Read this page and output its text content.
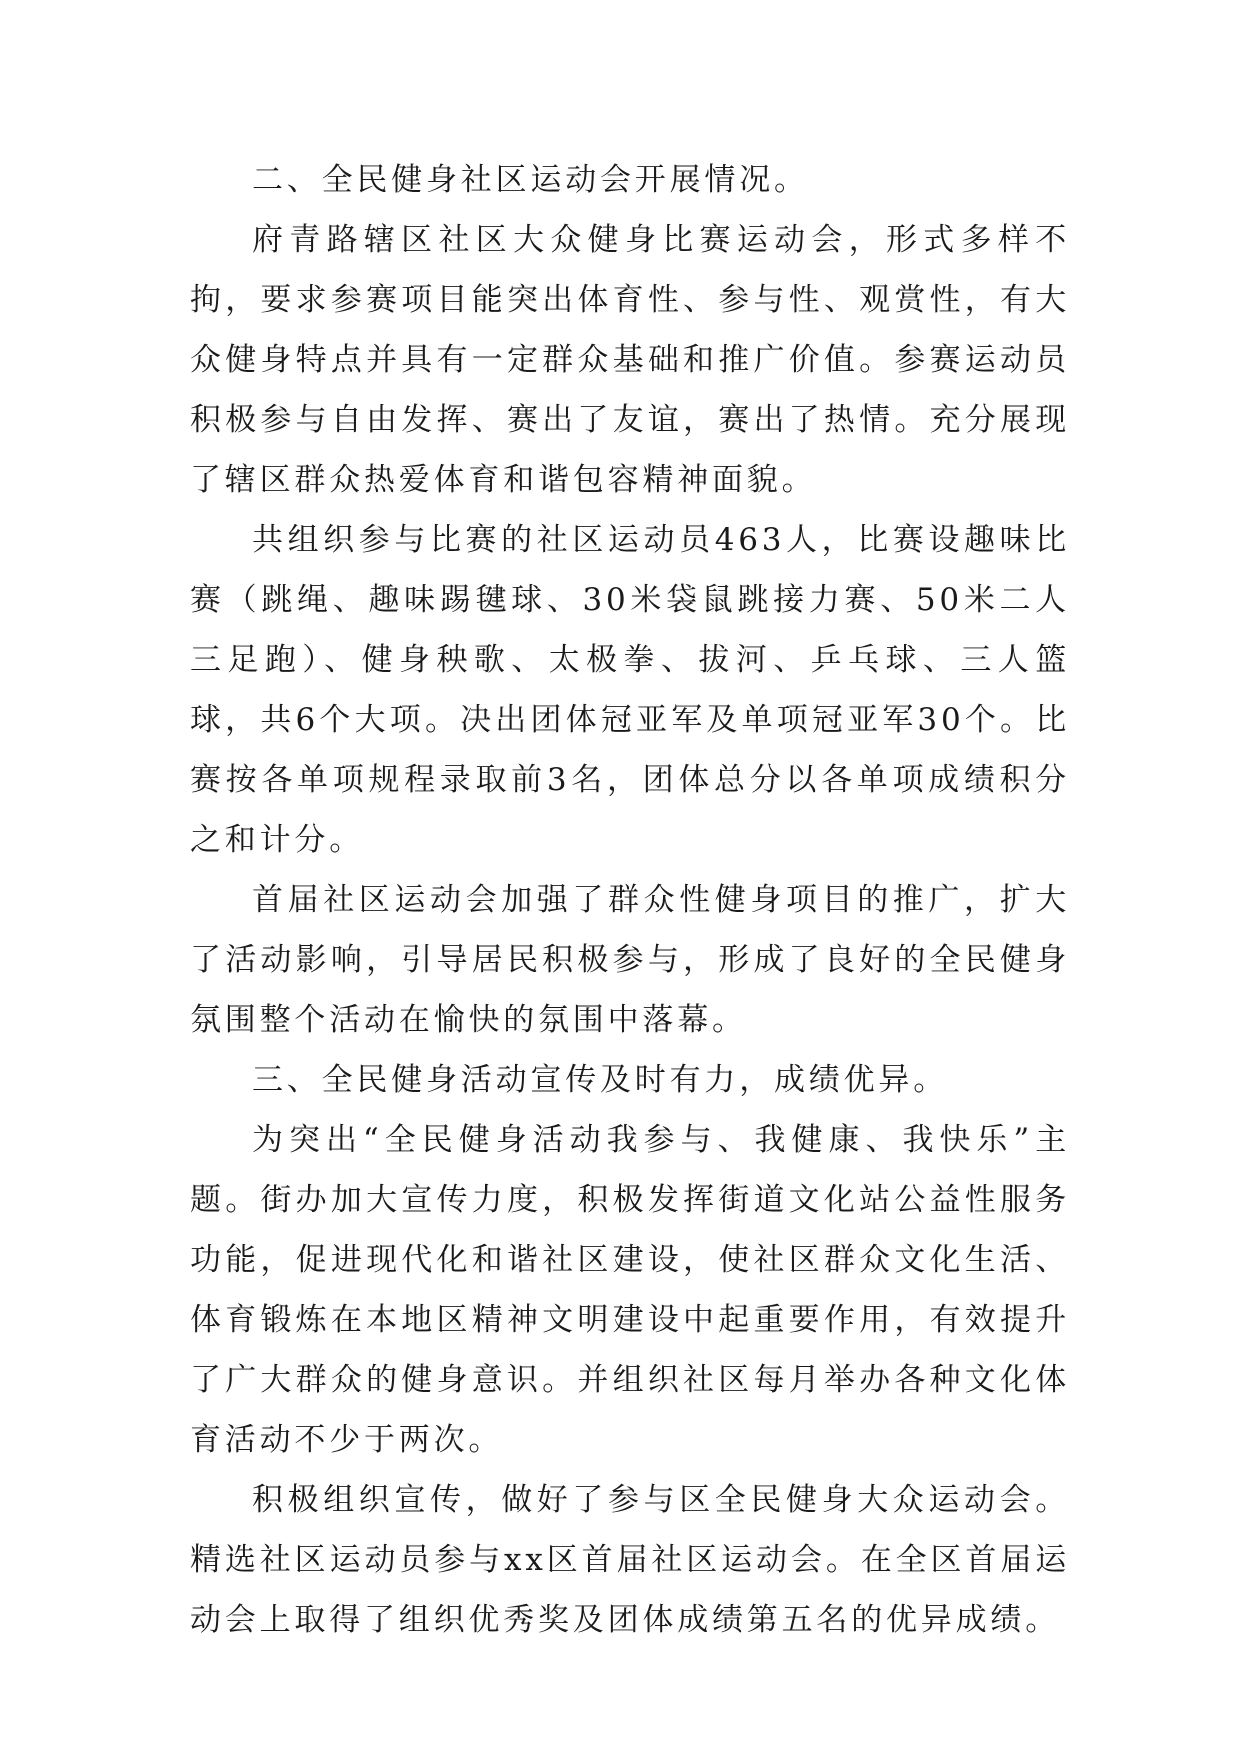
二、全民健身社区运动会开展情况。

府青路辖区社区大众健身比赛运动会，形式多样不拘，要求参赛项目能突出体育性、参与性、观赏性，有大众健身特点并具有一定群众基础和推广价值。参赛运动员积极参与自由发挥、赛出了友谊，赛出了热情。充分展现了辖区群众热爱体育和谐包容精神面貌。

共组织参与比赛的社区运动员463人，比赛设趣味比赛（跳绳、趣味踢毽球、30米袋鼠跳接力赛、50米二人三足跑）、健身秧歌、太极拳、拔河、乒乓球、三人篮球，共6个大项。决出团体冠亚军及单项冠亚军30个。比赛按各单项规程录取前3名，团体总分以各单项成绩积分之和计分。

首届社区运动会加强了群众性健身项目的推广，扩大了活动影响，引导居民积极参与，形成了良好的全民健身氛围整个活动在愉快的氛围中落幕。

三、全民健身活动宣传及时有力，成绩优异。

为突出“全民健身活动我参与、我健康、我快乐”主题。街办加大宣传力度，积极发挥街道文化站公益性服务功能，促进现代化和谐社区建设，使社区群众文化生活、体育锻炼在本地区精神文明建设中起重要作用，有效提升了广大群众的健身意识。并组织社区每月举办各种文化体育活动不少于两次。

积极组织宣传，做好了参与区全民健身大众运动会。精选社区运动员参与xx区首届社区运动会。在全区首届运动会上取得了组织优秀奖及团体成绩第五名的优异成绩。
